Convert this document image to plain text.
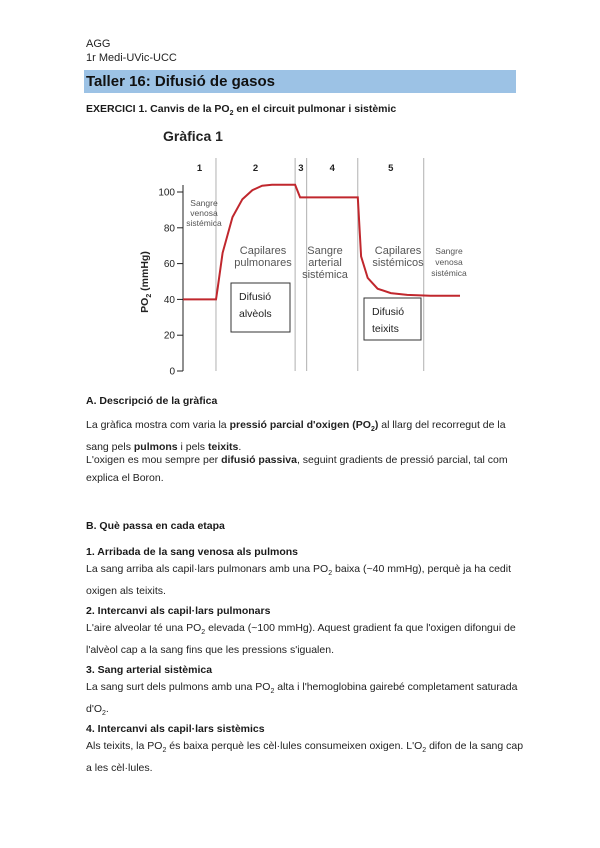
AGG
1r Medi-UVic-UCC
Taller 16: Difusió de gasos
EXERCICI 1. Canvis de la $PO_2$ en el circuit pulmonar i sistèmic
Gràfica 1
1	2	3	4	5
0
20
40
60
80
100
$PO_2$ (mmHg)
Sangre
venosa
sistémica
Capilares
pulmonares
Sangre
arterial
sistémica
Capilares
sistémicos
Sangre
venosa
sistémica
Difusió
alvèols	Difusió
teixits
A. Descripció de la gràfica
La gràfica mostra com varia la pressió parcial d'oxigen $(PO_2)$ al llarg del recorregut de la sang pels pulmons i pels teixits.
L'oxigen es mou sempre per difusió passiva, seguint gradients de pressió parcial, tal com explica el Boron.
B. Què passa en cada etapa
1. Arribada de la sang venosa als pulmons
La sang arriba als capil·lars pulmonars amb una $PO_2$ baixa (~40 mmHg), perquè ja ha cedit oxigen als teixits.
2. Intercanvi als capil·lars pulmonars
L'aire alveolar té una $PO_2$ elevada (~100 mmHg). Aquest gradient fa que l'oxigen difongui de l'alvèol cap a la sang fins que les pressions s'igualen.
3. Sang arterial sistèmica
La sang surt dels pulmons amb una $PO_2$ alta i l'hemoglobina gairebé completament saturada $d'O_2$.
4. Intercanvi als capil·lars sistèmics
Als teixits, la $PO_2$ és baixa perquè les cèl·lules consumeixen oxigen. $L'O_2$ difon de la sang cap a les cèl·lules.
